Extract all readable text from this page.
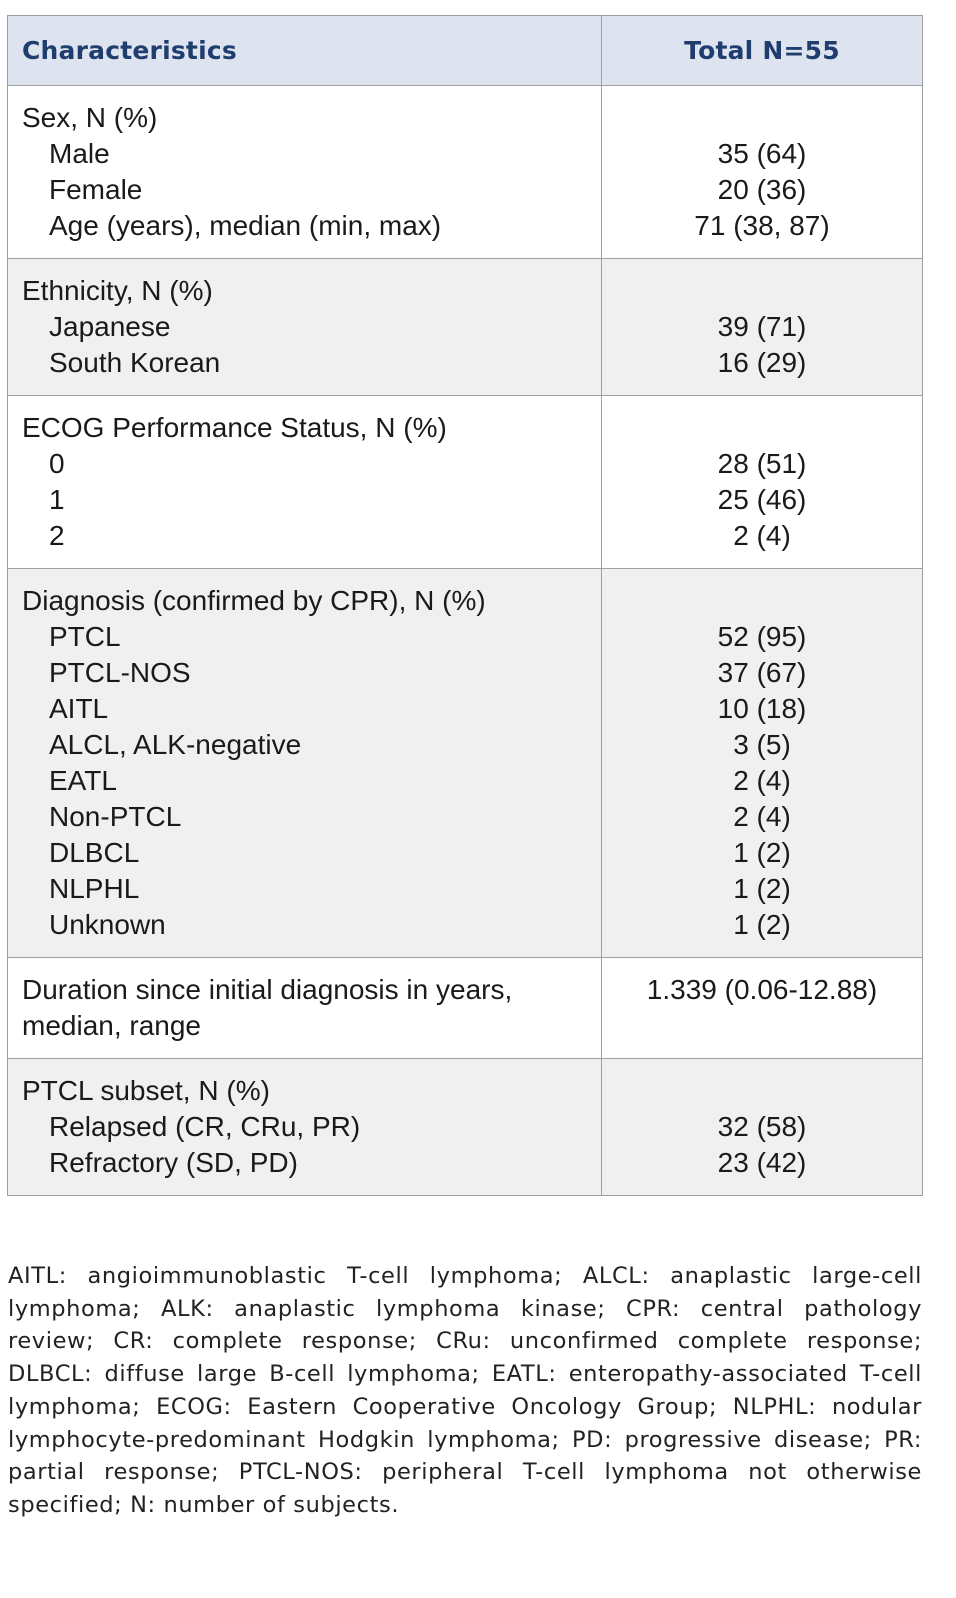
Characteristics	Total N=55
Sex, N (%)
Male
Female
Age (years), median (min, max)
35 (64)
20 (36)
71 (38, 87)
Ethnicity, N (%)
Japanese
South Korean
39 (71)
16 (29)
ECOG Performance Status, N (%)
0
1
2
28 (51)
25 (46)
2 (4)
Diagnosis (confirmed by CPR), N (%)
PTCL
PTCL-NOS
AITL
ALCL, ALK-negative
EATL
Non-PTCL
DLBCL
NLPHL
Unknown
52 (95)
37 (67)
10 (18)
3 (5)
2 (4)
2 (4)
1 (2)
1 (2)
1 (2)
Duration since initial diagnosis in years, median, range
1.339 (0.06-12.88)
PTCL subset, N (%)
Relapsed (CR, CRu, PR)
Refractory (SD, PD)
32 (58)
23 (42)
AITL: angioimmunoblastic T-cell lymphoma; ALCL: anaplastic large-cell lymphoma; ALK: anaplastic lymphoma kinase; CPR: central pathology review; CR: complete response; CRu: unconfirmed complete response; DLBCL: diffuse large B-cell lymphoma; EATL: enteropathy-associated T-cell lymphoma; ECOG: Eastern Cooperative Oncology Group; NLPHL: nodular lymphocyte-predominant Hodgkin lymphoma; PD: progressive disease; PR: partial response; PTCL-NOS: peripheral T-cell lymphoma not otherwise specified; N: number of subjects.
